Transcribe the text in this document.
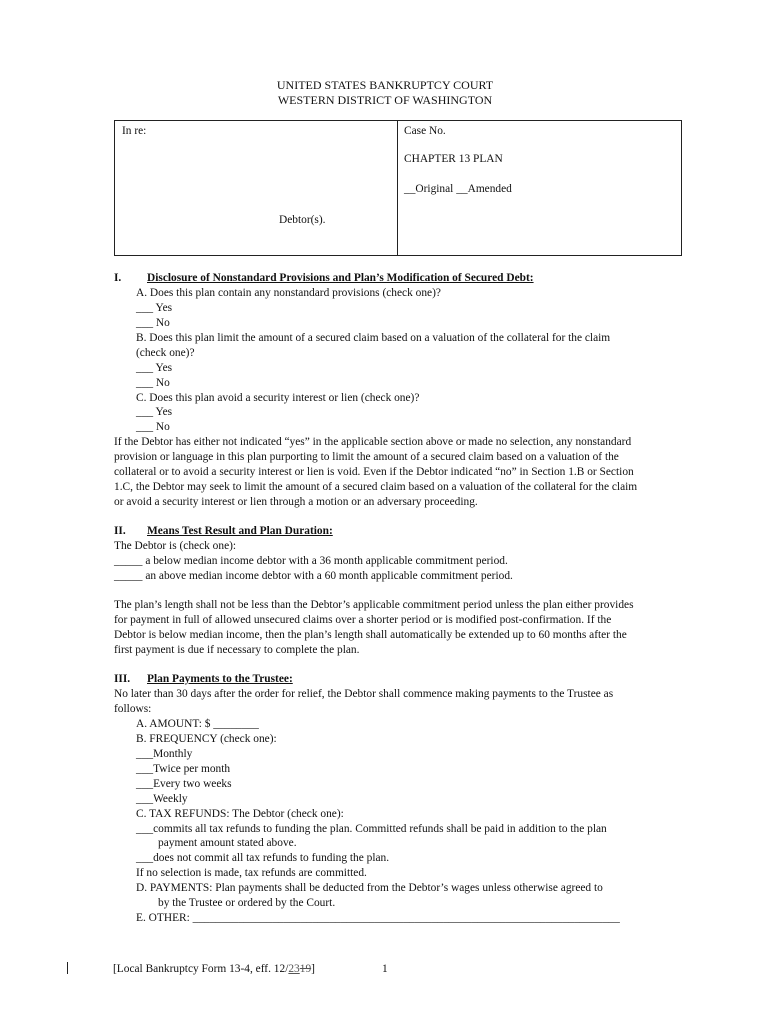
UNITED STATES BANKRUPTCY COURT
WESTERN DISTRICT OF WASHINGTON
In re:
Debtor(s).
Case No.
CHAPTER 13 PLAN
__Original __Amended
I. Disclosure of Nonstandard Provisions and Plan’s Modification of Secured Debt:
A. Does this plan contain any nonstandard provisions (check one)?
___ Yes
___ No
B. Does this plan limit the amount of a secured claim based on a valuation of the collateral for the claim
(check one)?
___ Yes
___ No
C. Does this plan avoid a security interest or lien (check one)?
___ Yes
___ No
If the Debtor has either not indicated “yes” in the applicable section above or made no selection, any nonstandard
provision or language in this plan purporting to limit the amount of a secured claim based on a valuation of the
collateral or to avoid a security interest or lien is void. Even if the Debtor indicated “no” in Section 1.B or Section
1.C, the Debtor may seek to limit the amount of a secured claim based on a valuation of the collateral for the claim
or avoid a security interest or lien through a motion or an adversary proceeding.
II. Means Test Result and Plan Duration:
The Debtor is (check one):
_____ a below median income debtor with a 36 month applicable commitment period.
_____ an above median income debtor with a 60 month applicable commitment period.
The plan’s length shall not be less than the Debtor’s applicable commitment period unless the plan either provides
for payment in full of allowed unsecured claims over a shorter period or is modified post-confirmation. If the
Debtor is below median income, then the plan’s length shall automatically be extended up to 60 months after the
first payment is due if necessary to complete the plan.
III. Plan Payments to the Trustee:
No later than 30 days after the order for relief, the Debtor shall commence making payments to the Trustee as
follows:
A. AMOUNT: $ ________
B. FREQUENCY (check one):
___Monthly
___Twice per month
___Every two weeks
___Weekly
C. TAX REFUNDS: The Debtor (check one):
___commits all tax refunds to funding the plan. Committed refunds shall be paid in addition to the plan
payment amount stated above.
___does not commit all tax refunds to funding the plan.
If no selection is made, tax refunds are committed.
D. PAYMENTS: Plan payments shall be deducted from the Debtor’s wages unless otherwise agreed to
by the Trustee or ordered by the Court.
E. OTHER: ___________________________________________________________________________
[Local Bankruptcy Form 13-4, eff. 12/2319]	1
